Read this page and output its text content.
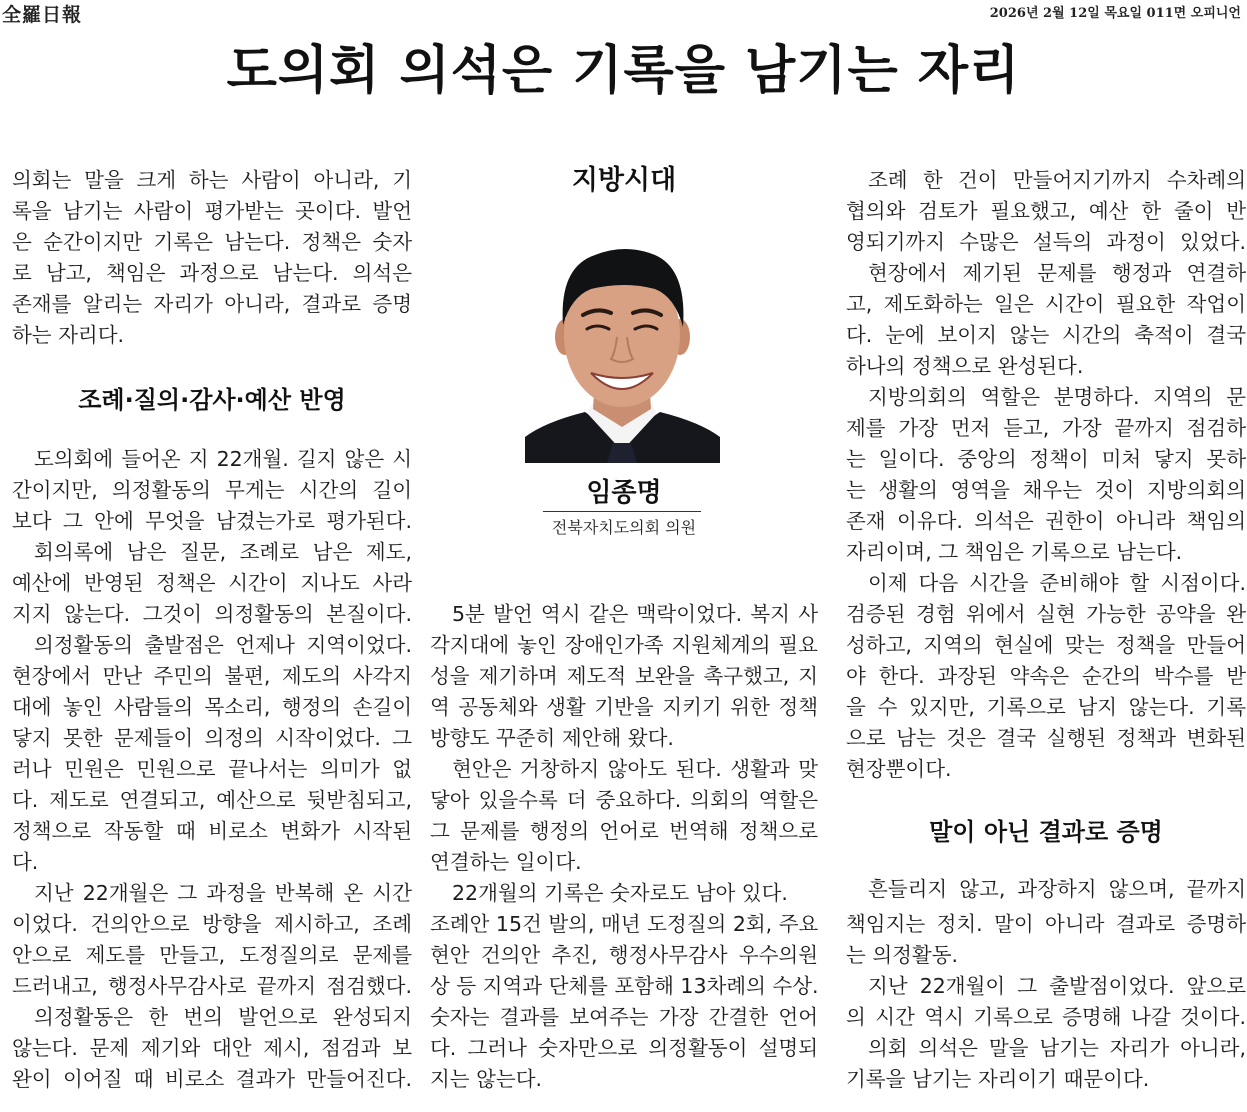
全羅日報	2026년 2월 12일 목요일 011면 오피니언
도의회 의석은 기록을 남기는 자리
의회는 말을 크게 하는 사람이 아니라, 기
록을 남기는 사람이 평가받는 곳이다. 발언
은 순간이지만 기록은 남는다. 정책은 숫자
로 남고, 책임은 과정으로 남는다. 의석은
존재를 알리는 자리가 아니라, 결과로 증명
하는 자리다.
조례·질의·감사·예산 반영
도의회에 들어온 지 22개월. 길지 않은 시
간이지만, 의정활동의 무게는 시간의 길이
보다 그 안에 무엇을 남겼는가로 평가된다.
회의록에 남은 질문, 조례로 남은 제도,
예산에 반영된 정책은 시간이 지나도 사라
지지 않는다. 그것이 의정활동의 본질이다.
의정활동의 출발점은 언제나 지역이었다.
현장에서 만난 주민의 불편, 제도의 사각지
대에 놓인 사람들의 목소리, 행정의 손길이
닿지 못한 문제들이 의정의 시작이었다. 그
러나 민원은 민원으로 끝나서는 의미가 없
다. 제도로 연결되고, 예산으로 뒷받침되고,
정책으로 작동할 때 비로소 변화가 시작된
다.
지난 22개월은 그 과정을 반복해 온 시간
이었다. 건의안으로 방향을 제시하고, 조례
안으로 제도를 만들고, 도정질의로 문제를
드러내고, 행정사무감사로 끝까지 점검했다.
의정활동은 한 번의 발언으로 완성되지
않는다. 문제 제기와 대안 제시, 점검과 보
완이 이어질 때 비로소 결과가 만들어진다.
지방시대
임종명
전북자치도의회 의원
5분 발언 역시 같은 맥락이었다. 복지 사
각지대에 놓인 장애인가족 지원체계의 필요
성을 제기하며 제도적 보완을 촉구했고, 지
역 공동체와 생활 기반을 지키기 위한 정책
방향도 꾸준히 제안해 왔다.
현안은 거창하지 않아도 된다. 생활과 맞
닿아 있을수록 더 중요하다. 의회의 역할은
그 문제를 행정의 언어로 번역해 정책으로
연결하는 일이다.
22개월의 기록은 숫자로도 남아 있다.
조례안 15건 발의, 매년 도정질의 2회, 주요
현안 건의안 추진, 행정사무감사 우수의원
상 등 지역과 단체를 포함해 13차례의 수상.
숫자는 결과를 보여주는 가장 간결한 언어
다. 그러나 숫자만으로 의정활동이 설명되
지는 않는다.
조례 한 건이 만들어지기까지 수차례의
협의와 검토가 필요했고, 예산 한 줄이 반
영되기까지 수많은 설득의 과정이 있었다.
현장에서 제기된 문제를 행정과 연결하
고, 제도화하는 일은 시간이 필요한 작업이
다. 눈에 보이지 않는 시간의 축적이 결국
하나의 정책으로 완성된다.
지방의회의 역할은 분명하다. 지역의 문
제를 가장 먼저 듣고, 가장 끝까지 점검하
는 일이다. 중앙의 정책이 미처 닿지 못하
는 생활의 영역을 채우는 것이 지방의회의
존재 이유다. 의석은 권한이 아니라 책임의
자리이며, 그 책임은 기록으로 남는다.
이제 다음 시간을 준비해야 할 시점이다.
검증된 경험 위에서 실현 가능한 공약을 완
성하고, 지역의 현실에 맞는 정책을 만들어
야 한다. 과장된 약속은 순간의 박수를 받
을 수 있지만, 기록으로 남지 않는다. 기록
으로 남는 것은 결국 실행된 정책과 변화된
현장뿐이다.
말이 아닌 결과로 증명
흔들리지 않고, 과장하지 않으며, 끝까지
책임지는 정치. 말이 아니라 결과로 증명하
는 의정활동.
지난 22개월이 그 출발점이었다. 앞으로
의 시간 역시 기록으로 증명해 나갈 것이다.
의회 의석은 말을 남기는 자리가 아니라,
기록을 남기는 자리이기 때문이다.
